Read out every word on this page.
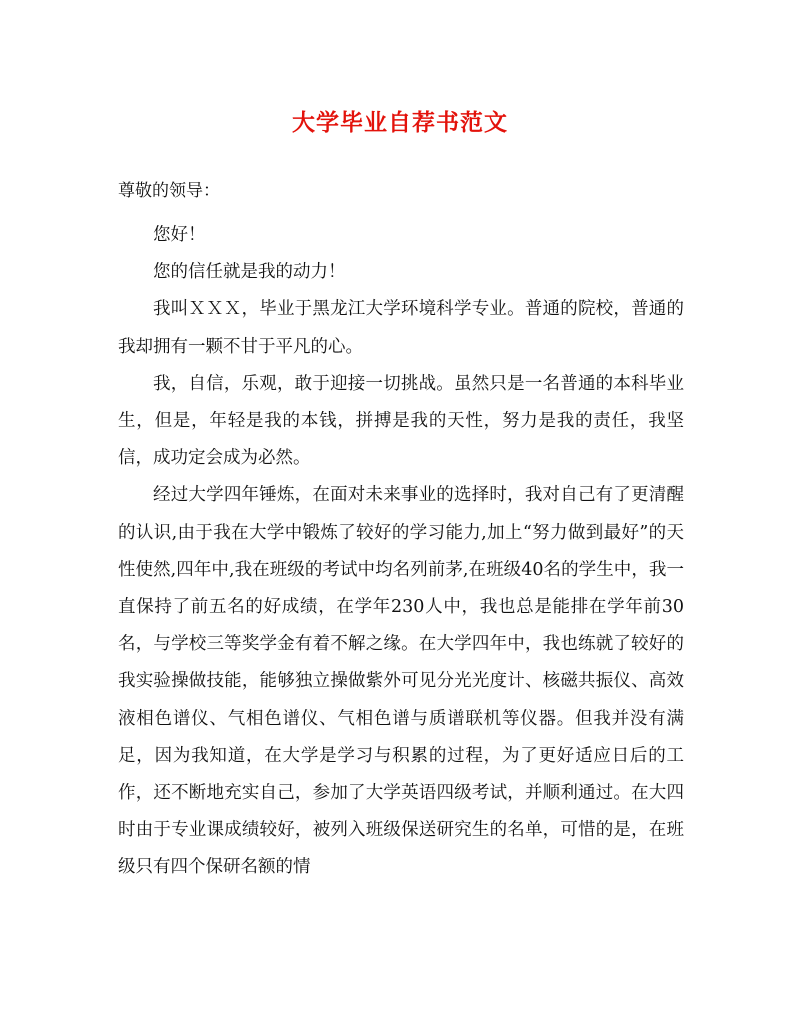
大学毕业自荐书范文
尊敬的领导：

您好！

您的信任就是我的动力！

我叫ＸＸＸ，毕业于黑龙江大学环境科学专业。普通的院校，普通的我却拥有一颗不甘于平凡的心。

我，自信，乐观，敢于迎接一切挑战。虽然只是一名普通的本科毕业生，但是，年轻是我的本钱，拼搏是我的天性，努力是我的责任，我坚信，成功定会成为必然。

经过大学四年锤炼，在面对未来事业的选择时，我对自己有了更清醒的认识,由于我在大学中锻炼了较好的学习能力,加上“努力做到最好”的天性使然,四年中,我在班级的考试中均名列前茅,在班级40名的学生中，我一直保持了前五名的好成绩，在学年230人中，我也总是能排在学年前30名，与学校三等奖学金有着不解之缘。在大学四年中，我也练就了较好的我实验操做技能，能够独立操做紫外可见分光光度计、核磁共振仪、高效液相色谱仪、气相色谱仪、气相色谱与质谱联机等仪器。但我并没有满足，因为我知道，在大学是学习与积累的过程，为了更好适应日后的工作，还不断地充实自己，参加了大学英语四级考试，并顺利通过。在大四时由于专业课成绩较好，被列入班级保送研究生的名单，可惜的是，在班级只有四个保研名额的情
